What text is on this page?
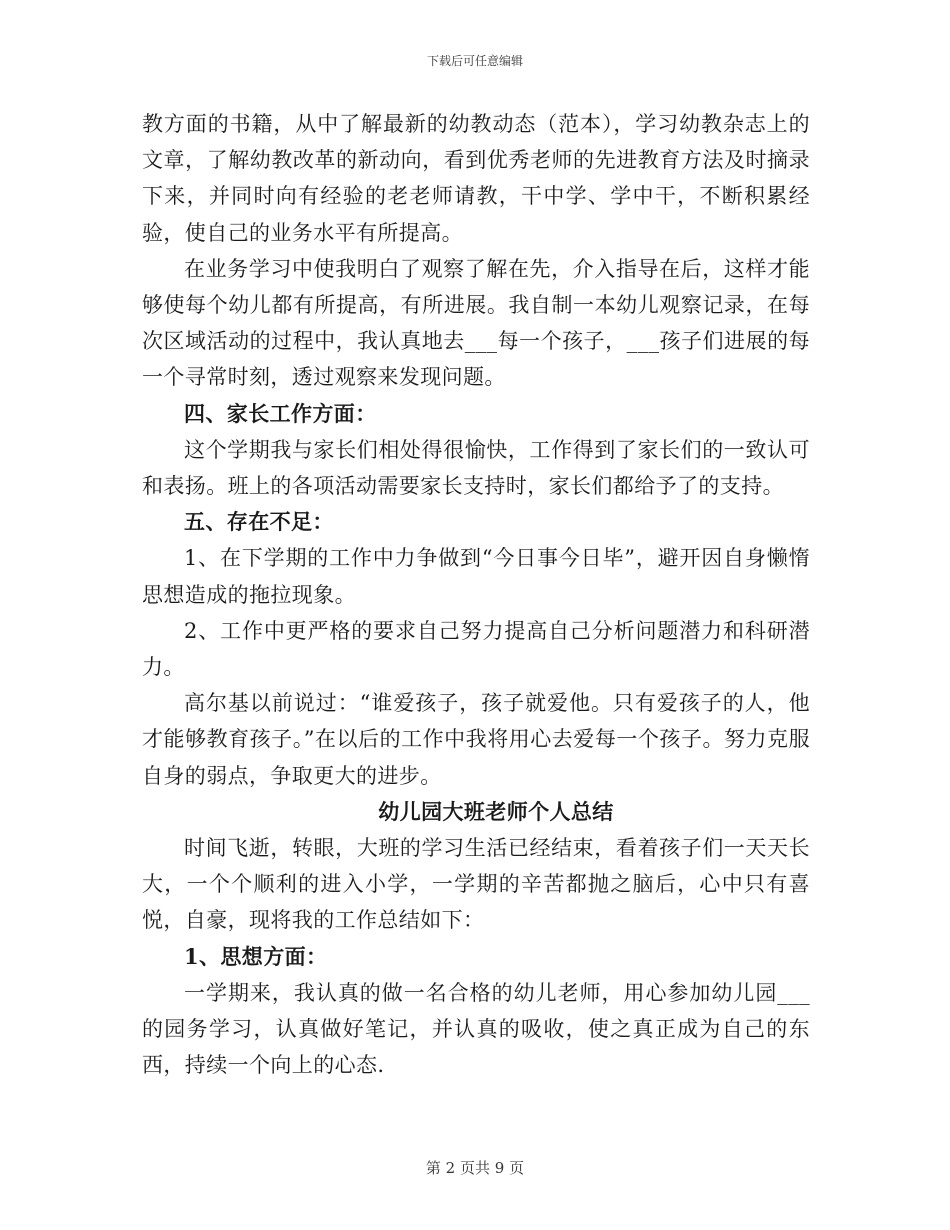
下载后可任意编辑

教方面的书籍，从中了解最新的幼教动态（范本），学习幼教杂志上的文章，了解幼教改革的新动向，看到优秀老师的先进教育方法及时摘录下来，并同时向有经验的老老师请教，干中学、学中干，不断积累经验，使自己的业务水平有所提高。

在业务学习中使我明白了观察了解在先，介入指导在后，这样才能够使每个幼儿都有所提高，有所进展。我自制一本幼儿观察记录，在每次区域活动的过程中，我认真地去___每一个孩子，___孩子们进展的每一个寻常时刻，透过观察来发现问题。

四、家长工作方面：

这个学期我与家长们相处得很愉快，工作得到了家长们的一致认可和表扬。班上的各项活动需要家长支持时，家长们都给予了的支持。

五、存在不足：

1、在下学期的工作中力争做到“今日事今日毕”，避开因自身懒惰思想造成的拖拉现象。

2、工作中更严格的要求自己努力提高自己分析问题潜力和科研潜力。

高尔基以前说过：“谁爱孩子，孩子就爱他。只有爱孩子的人，他才能够教育孩子。”在以后的工作中我将用心去爱每一个孩子。努力克服自身的弱点，争取更大的进步。

幼儿园大班老师个人总结

时间飞逝，转眼，大班的学习生活已经结束，看着孩子们一天天长大，一个个顺利的进入小学，一学期的辛苦都抛之脑后，心中只有喜悦，自豪，现将我的工作总结如下：

1、思想方面：

一学期来，我认真的做一名合格的幼儿老师，用心参加幼儿园___的园务学习，认真做好笔记，并认真的吸收，使之真正成为自己的东西，持续一个向上的心态.

第 2 页共 9 页
